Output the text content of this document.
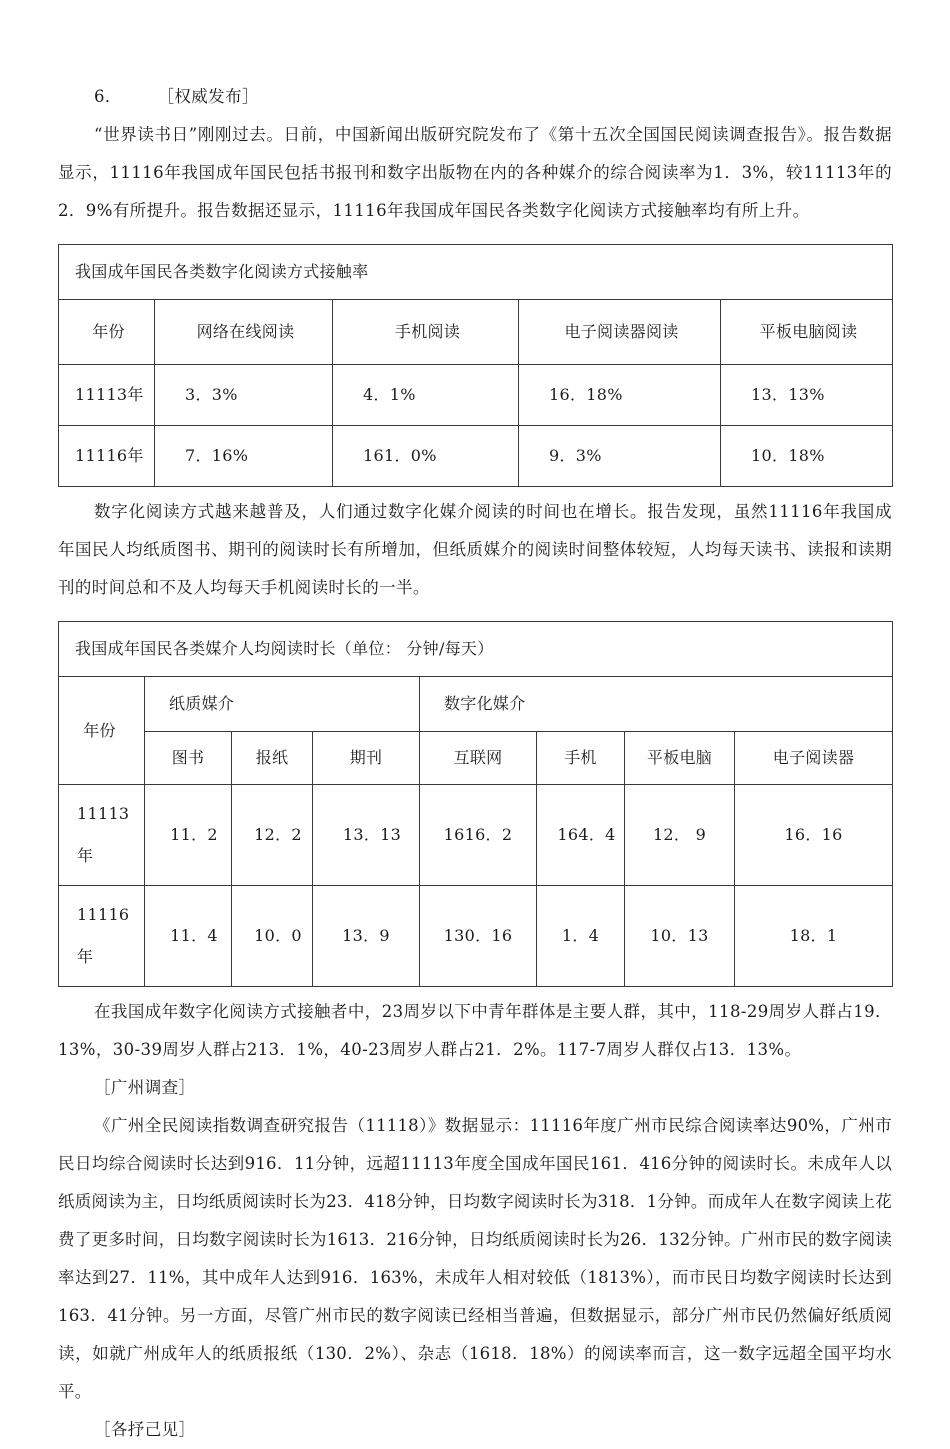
6． ［权威发布］

“世界读书日”刚刚过去。日前，中国新闻出版研究院发布了《第十五次全国国民阅读调查报告》。报告数据显示，11116年我国成年国民包括书报刊和数字出版物在内的各种媒介的综合阅读率为1．3%，较11113年的2．9%有所提升。报告数据还显示，11116年我国成年国民各类数字化阅读方式接触率均有所上升。

我国成年国民各类数字化阅读方式接触率				
年份	网络在线阅读	手机阅读	电子阅读器阅读	平板电脑阅读
11113年	3．3%	4．1%	16．18%	13．13%
11116年	7．16%	161．0%	9．3%	10．18%

数字化阅读方式越来越普及，人们通过数字化媒介阅读的时间也在增长。报告发现，虽然11116年我国成年国民人均纸质图书、期刊的阅读时长有所增加，但纸质媒介的阅读时间整体较短，人均每天读书、读报和读期刊的时间总和不及人均每天手机阅读时长的一半。

我国成年国民各类媒介人均阅读时长（单位： 分钟/每天）							
年份	纸质媒介			数字化媒介			
	图书	报纸	期刊	互联网	手机	平板电脑	电子阅读器
11113年	11．2	12．2	13．13	1616．2	164．4	12． 9	16．16
11116年	11．4	10．0	13．9	130．16	1．4	10．13	18．1

在我国成年数字化阅读方式接触者中，23周岁以下中青年群体是主要人群，其中，118-29周岁人群占19．13%，30-39周岁人群占213．1%，40-23周岁人群占21．2%。117-7周岁人群仅占13．13%。

［广州调查］

《广州全民阅读指数调查研究报告（11118）》数据显示：11116年度广州市民综合阅读率达90%，广州市民日均综合阅读时长达到916．11分钟，远超11113年度全国成年国民161．416分钟的阅读时长。未成年人以纸质阅读为主，日均纸质阅读时长为23．418分钟，日均数字阅读时长为318．1分钟。而成年人在数字阅读上花费了更多时间，日均数字阅读时长为1613．216分钟，日均纸质阅读时长为26．132分钟。广州市民的数字阅读率达到27．11%，其中成年人达到916．163%，未成年人相对较低（1813%），而市民日均数字阅读时长达到163．41分钟。另一方面，尽管广州市民的数字阅读已经相当普遍，但数据显示，部分广州市民仍然偏好纸质阅读，如就广州成年人的纸质报纸（130．2%）、杂志（1618．18%）的阅读率而言，这一数字远超全国平均水平。

［各抒己见］
